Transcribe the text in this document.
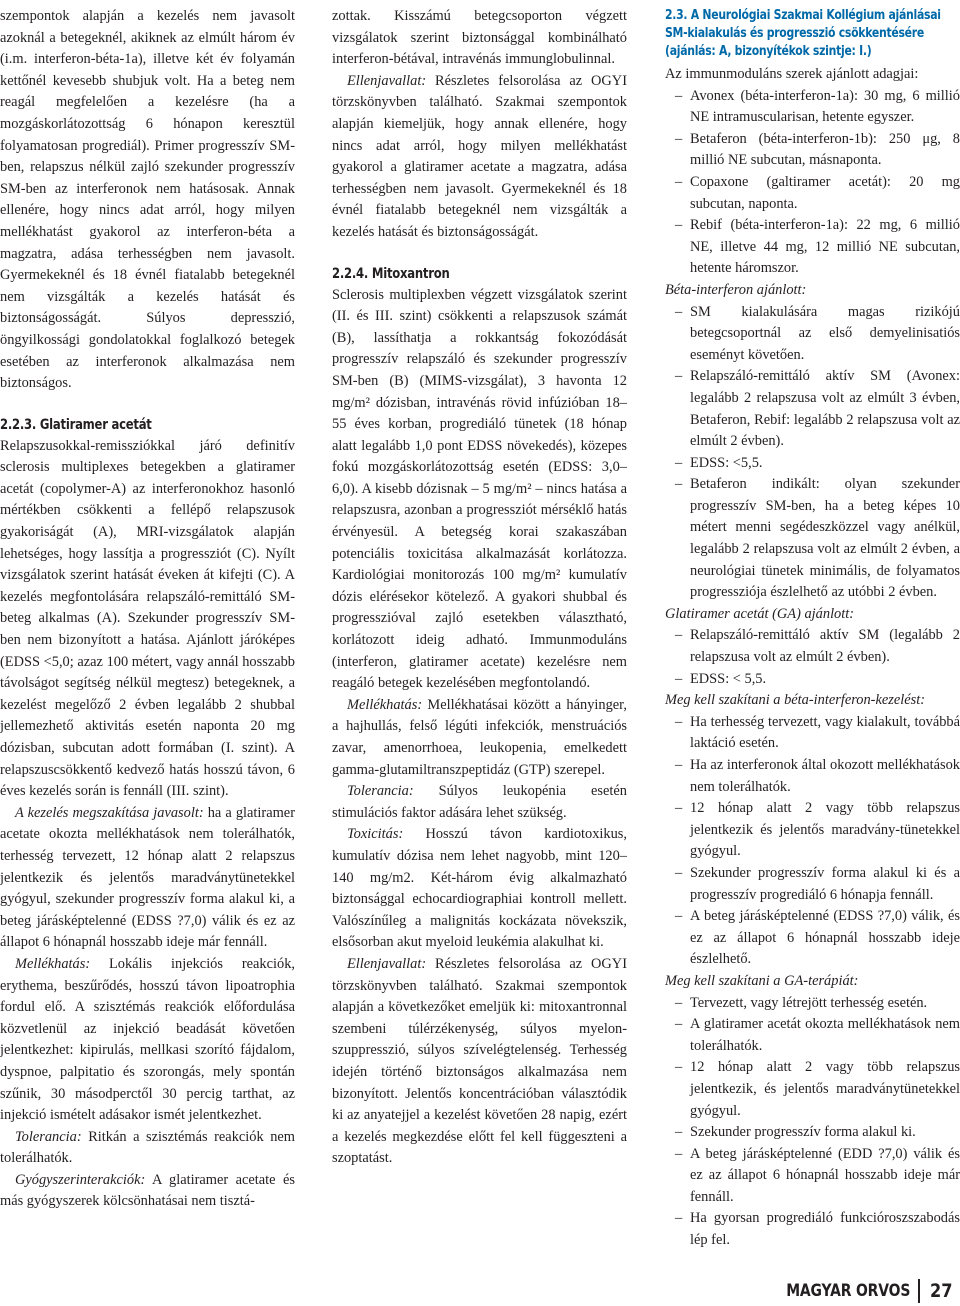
szempontok alapján a kezelés nem javasolt azoknál a betegeknél, akiknek az elmúlt három év (i.m. interferon-béta-1a), illetve két év folyamán kettőnél kevesebb shubjuk volt. Ha a beteg nem reagál megfelelően a kezelésre (ha a mozgáskorlátozottság 6 hónapon keresztül folyamatosan progrediál). Primer progresszív SM-ben, relapszus nélkül zajló szekunder progresszív SM-ben az interferonok nem hatásosak. Annak ellenére, hogy nincs adat arról, hogy milyen mellékhatást gyakorol az interferon-béta a magzatra, adása terhességben nem javasolt. Gyermekeknél és 18 évnél fiatalabb betegeknél nem vizsgálták a kezelés hatását és biztonságosságát. Súlyos depresszió, öngyilkossági gondolatokkal foglalkozó betegek esetében az interferonok alkalmazása nem biztonságos.

2.2.3. Glatiramer acetát

Relapszusokkal-remissziókkal járó definitív sclerosis multiplexes betegekben a glatiramer acetát (copolymer-A) az interferonokhoz hasonló mértékben csökkenti a fellépő relapszusok gyakoriságát (A), MRI-vizsgálatok alapján lehetséges, hogy lassítja a progressziót (C). Nyílt vizsgálatok szerint hatását éveken át kifejti (C). A kezelés megfontolására relapszáló-remittáló SM-beteg alkalmas (A). Szekunder progresszív SM-ben nem bizonyított a hatása. Ajánlott járóképes (EDSS <5,0; azaz 100 métert, vagy annál hosszabb távolságot segítség nélkül megtesz) betegeknek, a kezelést megelőző 2 évben legalább 2 shubbal jellemezhető aktivitás esetén naponta 20 mg dózisban, subcutan adott formában (I. szint). A relapszuscsökkentő kedvező hatás hosszú távon, 6 éves kezelés során is fennáll (III. szint).

A kezelés megszakítása javasolt: ha a glatiramer acetate okozta mellékhatások nem tolerálhatók, terhesség tervezett, 12 hónap alatt 2 relapszus jelentkezik és jelentős maradványtünetekkel gyógyul, szekunder progresszív forma alakul ki, a beteg járásképtelenné (EDSS ?7,0) válik és ez az állapot 6 hónapnál hosszabb ideje már fennáll.

Mellékhatás: Lokális injekciós reakciók, erythema, beszűrődés, hosszú távon lipoatrophia fordul elő. A szisztémás reakciók előfordulása közvetlenül az injekció beadását követően jelentkezhet: kipirulás, mellkasi szorító fájdalom, dyspnoe, palpitatio és szorongás, mely spontán szűnik, 30 másodperctől 30 percig tarthat, az injekció ismételt adásakor ismét jelentkezhet.

Tolerancia: Ritkán a szisztémás reakciók nem tolerálhatók.

Gyógyszerinterakciók: A glatiramer acetate és más gyógyszerek kölcsönhatásai nem tisztá-

zottak. Kisszámú betegcsoporton végzett vizsgálatok szerint biztonsággal kombinálható interferon-bétával, intravénás immunglobulinnal.

Ellenjavallat: Részletes felsorolása az OGYI törzskönyvben található. Szakmai szempontok alapján kiemeljük, hogy annak ellenére, hogy nincs adat arról, hogy milyen mellékhatást gyakorol a glatiramer acetate a magzatra, adása terhességben nem javasolt. Gyermekeknél és 18 évnél fiatalabb betegeknél nem vizsgálták a kezelés hatását és biztonságosságát.

2.2.4. Mitoxantron

Sclerosis multiplexben végzett vizsgálatok szerint (II. és III. szint) csökkenti a relapszusok számát (B), lassíthatja a rokkantság fokozódását progresszív relapszáló és szekunder progresszív SM-ben (B) (MIMS-vizsgálat), 3 havonta 12 mg/m² dózisban, intravénás rövid infúzióban 18–55 éves korban, progrediáló tünetek (18 hónap alatt legalább 1,0 pont EDSS növekedés), közepes fokú mozgáskorlátozottság esetén (EDSS: 3,0–6,0). A kisebb dózisnak – 5 mg/m² – nincs hatása a relapszusra, azonban a progressziót mérséklő hatás érvényesül. A betegség korai szakaszában potenciális toxicitása alkalmazását korlátozza. Kardiológiai monitorozás 100 mg/m² kumulatív dózis elérésekor kötelező. A gyakori shubbal és progresszióval zajló esetekben választható, korlátozott ideig adható. Immunmoduláns (interferon, glatiramer acetate) kezelésre nem reagáló betegek kezelésében megfontolandó.

Mellékhatás: Mellékhatásai között a hányinger, a hajhullás, felső légúti infekciók, menstruációs zavar, amenorrhoea, leukopenia, emelkedett gamma-glutamiltranszpeptidáz (GTP) szerepel.

Tolerancia: Súlyos leukopénia esetén stimulációs faktor adására lehet szükség.

Toxicitás: Hosszú távon kardiotoxikus, kumulatív dózisa nem lehet nagyobb, mint 120–140 mg/m2. Két-három évig alkalmazható biztonsággal echocardiographiai kontroll mellett. Valószínűleg a malignitás kockázata növekszik, elsősorban akut myeloid leukémia alakulhat ki.

Ellenjavallat: Részletes felsorolása az OGYI törzskönyvben található. Szakmai szempontok alapján a következőket emeljük ki: mitoxantronnal szembeni túlérzékenység, súlyos myelon-szuppresszió, súlyos szívelégtelenség. Terhesség idején történő biztonságos alkalmazása nem bizonyított. Jelentős koncentrációban választódik ki az anyatejjel a kezelést követően 28 napig, ezért a kezelés megkezdése előtt fel kell függeszteni a szoptatást.

2.3. A Neurológiai Szakmai Kollégium ajánlásai
SM-kialakulás és progresszió csökkentésére
(ajánlás: A, bizonyítékok szintje: I.)

Az immunmoduláns szerek ajánlott adagjai:

– Avonex (béta-interferon-1a): 30 mg, 6 millió NE intramuscularisan, hetente egyszer.
– Betaferon (béta-interferon-1b): 250 μg, 8 millió NE subcutan, másnaponta.
– Copaxone (galtiramer acetát): 20 mg subcutan, naponta.
– Rebif (béta-interferon-1a): 22 mg, 6 millió NE, illetve 44 mg, 12 millió NE subcutan, hetente háromszor.

Béta-interferon ajánlott:

– SM kialakulására magas rizikójú betegcsoportnál az első demyelinisatiós eseményt követően.
– Relapszáló-remittáló aktív SM (Avonex: legalább 2 relapszusa volt az elmúlt 3 évben, Betaferon, Rebif: legalább 2 relapszusa volt az elmúlt 2 évben).
– EDSS: <5,5.
– Betaferon indikált: olyan szekunder progresszív SM-ben, ha a beteg képes 10 métert menni segédeszközzel vagy anélkül, legalább 2 relapszusa volt az elmúlt 2 évben, a neurológiai tünetek minimális, de folyamatos progressziója észlelhető az utóbbi 2 évben.

Glatiramer acetát (GA) ajánlott:

– Relapszáló-remittáló aktív SM (legalább 2 relapszusa volt az elmúlt 2 évben).
– EDSS: < 5,5.

Meg kell szakítani a béta-interferon-kezelést:

– Ha terhesség tervezett, vagy kialakult, továbbá laktáció esetén.
– Ha az interferonok által okozott mellékhatások nem tolerálhatók.
– 12 hónap alatt 2 vagy több relapszus jelentkezik és jelentős maradvány-tünetekkel gyógyul.
– Szekunder progresszív forma alakul ki és a progresszív progrediáló 6 hónapja fennáll.
– A beteg járásképtelenné (EDSS ?7,0) válik, és ez az állapot 6 hónapnál hosszabb ideje észlelhető.

Meg kell szakítani a GA-terápiát:

– Tervezett, vagy létrejött terhesség esetén.
– A glatiramer acetát okozta mellékhatások nem tolerálhatók.
– 12 hónap alatt 2 vagy több relapszus jelentkezik, és jelentős maradványtünetekkel gyógyul.
– Szekunder progresszív forma alakul ki.
– A beteg járásképtelenné (EDD ?7,0) válik és ez az állapot 6 hónapnál hosszabb ideje már fennáll.
– Ha gyorsan progrediáló funkcióroszszabodás lép fel.
MAGYAR ORVOS 27
